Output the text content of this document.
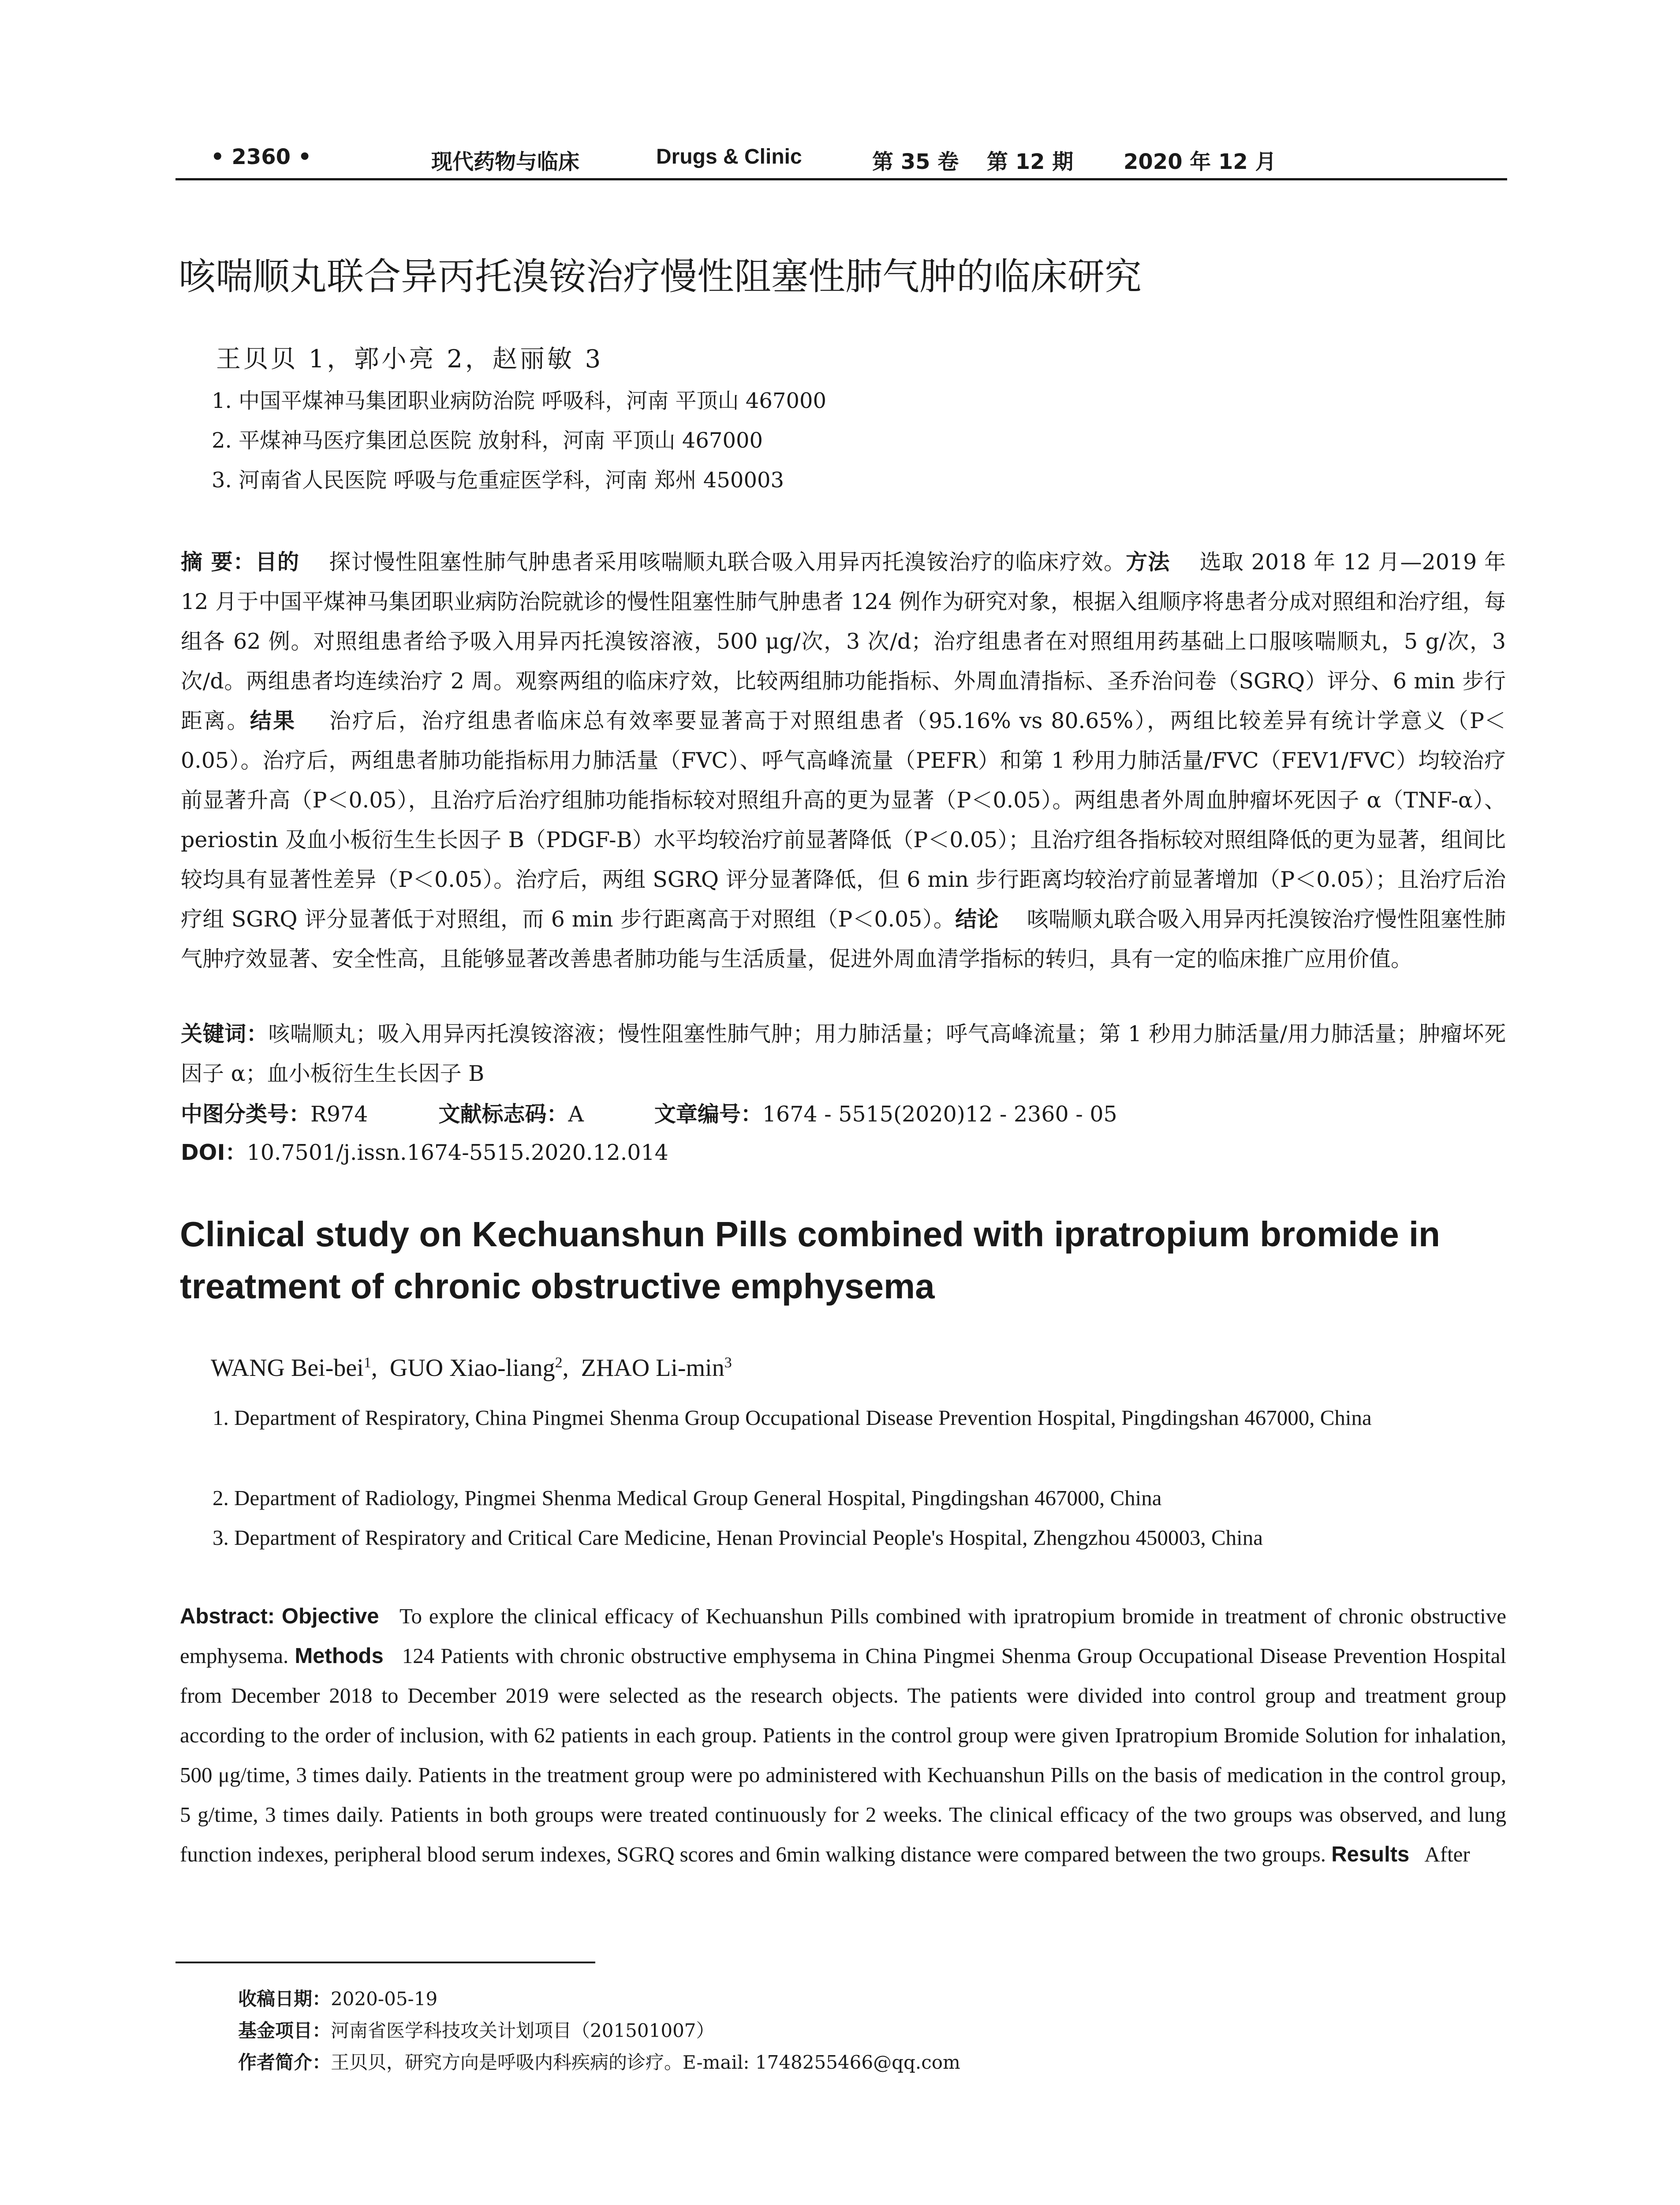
• 2360 •	现代药物与临床	Drugs & Clinic	第 35 卷 第 12 期 2020 年 12 月
咳喘顺丸联合异丙托溴铵治疗慢性阻塞性肺气肿的临床研究
王贝贝 1，郭小亮 2，赵丽敏 3
1. 中国平煤神马集团职业病防治院 呼吸科，河南 平顶山 467000
2. 平煤神马医疗集团总医院 放射科，河南 平顶山 467000
3. 河南省人民医院 呼吸与危重症医学科，河南 郑州 450003
摘 要：目的 探讨慢性阻塞性肺气肿患者采用咳喘顺丸联合吸入用异丙托溴铵治疗的临床疗效。方法 选取 2018 年 12 月—2019 年 12 月于中国平煤神马集团职业病防治院就诊的慢性阻塞性肺气肿患者 124 例作为研究对象，根据入组顺序将患者分成对照组和治疗组，每组各 62 例。对照组患者给予吸入用异丙托溴铵溶液，500 μg/次，3 次/d；治疗组患者在对照组用药基础上口服咳喘顺丸，5 g/次，3 次/d。两组患者均连续治疗 2 周。观察两组的临床疗效，比较两组肺功能指标、外周血清指标、圣乔治问卷（SGRQ）评分、6 min 步行距离。结果 治疗后，治疗组患者临床总有效率要显著高于对照组患者（95.16% vs 80.65%），两组比较差异有统计学意义（P＜0.05）。治疗后，两组患者肺功能指标用力肺活量（FVC）、呼气高峰流量（PEFR）和第 1 秒用力肺活量/FVC（FEV1/FVC）均较治疗前显著升高（P＜0.05），且治疗后治疗组肺功能指标较对照组升高的更为显著（P＜0.05）。两组患者外周血肿瘤坏死因子 α（TNF-α）、periostin 及血小板衍生生长因子 B（PDGF-B）水平均较治疗前显著降低（P＜0.05）；且治疗组各指标较对照组降低的更为显著，组间比较均具有显著性差异（P＜0.05）。治疗后，两组 SGRQ 评分显著降低，但 6 min 步行距离均较治疗前显著增加（P＜0.05）；且治疗后治疗组 SGRQ 评分显著低于对照组，而 6 min 步行距离高于对照组（P＜0.05）。结论 咳喘顺丸联合吸入用异丙托溴铵治疗慢性阻塞性肺气肿疗效显著、安全性高，且能够显著改善患者肺功能与生活质量，促进外周血清学指标的转归，具有一定的临床推广应用价值。
关键词：咳喘顺丸；吸入用异丙托溴铵溶液；慢性阻塞性肺气肿；用力肺活量；呼气高峰流量；第 1 秒用力肺活量/用力肺活量；肿瘤坏死因子 α；血小板衍生生长因子 B
中图分类号：R974	文献标志码：A	文章编号：1674 - 5515(2020)12 - 2360 - 05
DOI：10.7501/j.issn.1674-5515.2020.12.014
Clinical study on Kechuanshun Pills combined with ipratropium bromide in treatment of chronic obstructive emphysema
WANG Bei-bei$^1$,  GUO Xiao-liang$^2$,  ZHAO $Li-\min^3$
1. Department of Respiratory, China Pingmei Shenma Group Occupational Disease Prevention Hospital, Pingdingshan 467000, China
2. Department of Radiology, Pingmei Shenma Medical Group General Hospital, Pingdingshan 467000, China
3. Department of Respiratory and Critical Care Medicine, Henan Provincial People's Hospital, Zhengzhou 450003, China
Abstract: Objective To explore the clinical efficacy of Kechuanshun Pills combined with ipratropium bromide in treatment of chronic obstructive emphysema. Methods 124 Patients with chronic obstructive emphysema in China Pingmei Shenma Group Occupational Disease Prevention Hospital from December 2018 to December 2019 were selected as the research objects. The patients were divided into control group and treatment group according to the order of inclusion, with 62 patients in each group. Patients in the control group were given Ipratropium Bromide Solution for inhalation, 500 μg/time, 3 times daily. Patients in the treatment group were po administered with Kechuanshun Pills on the basis of medication in the control group, 5 g/time, 3 times daily. Patients in both groups were treated continuously for 2 weeks. The clinical efficacy of the two groups was observed, and lung function indexes, peripheral blood serum indexes, SGRQ scores and 6min walking distance were compared between the two groups. Results After
收稿日期：2020-05-19
基金项目：河南省医学科技攻关计划项目（201501007）
作者简介：王贝贝，研究方向是呼吸内科疾病的诊疗。E-mail: 1748255466@qq.com
